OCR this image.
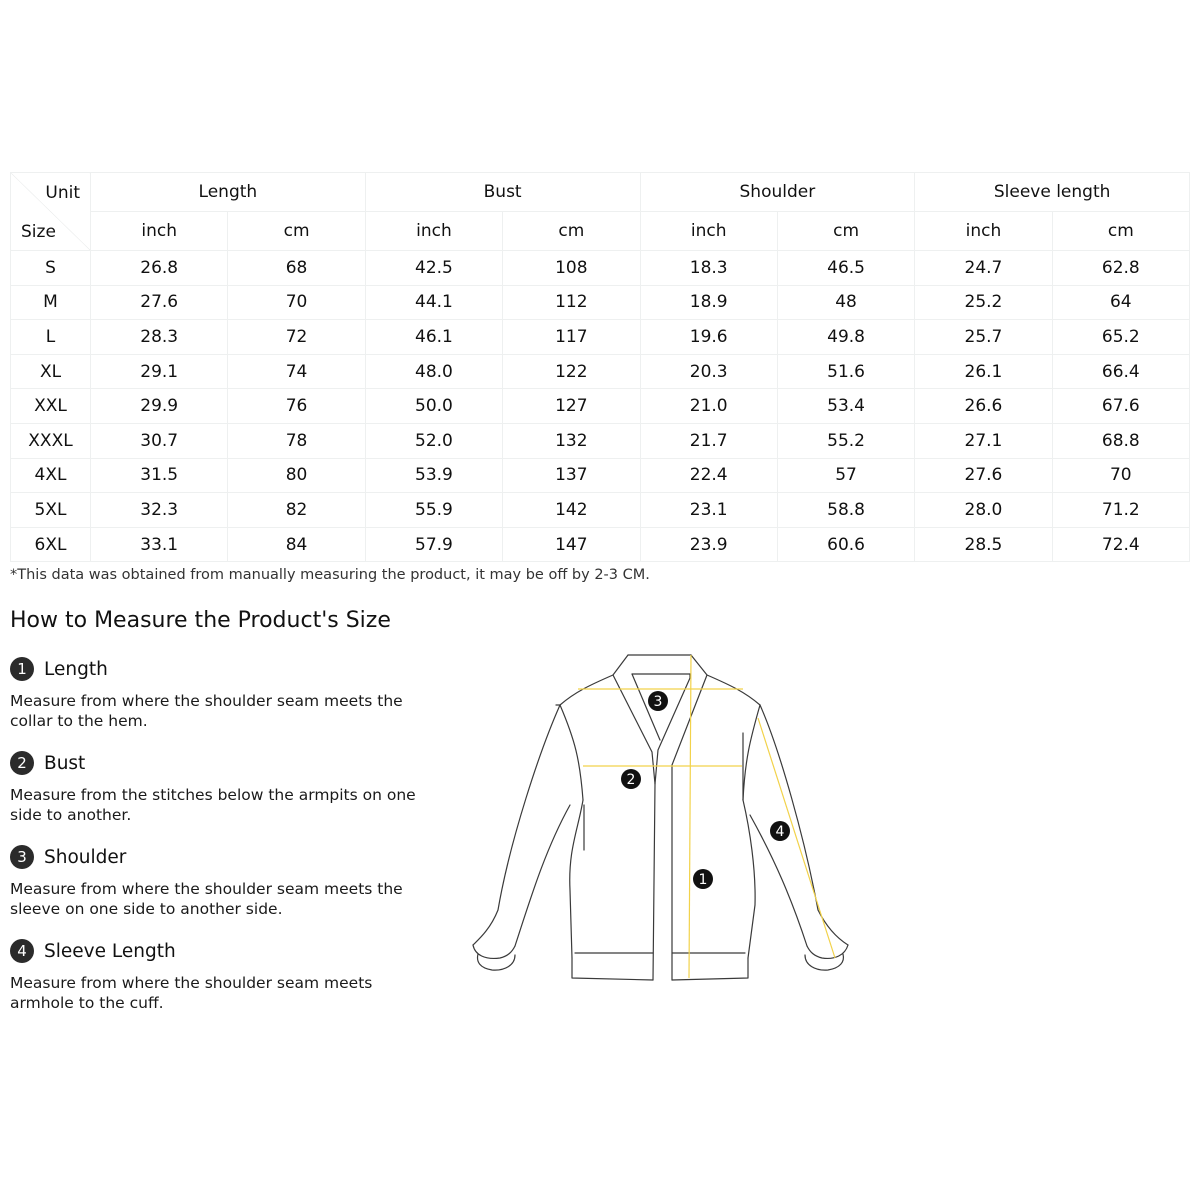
Unit
Size	Length		Bust		Shoulder		Sleeve length	
	inch	cm	inch	cm	inch	cm	inch	cm
S	26.8	68	42.5	108	18.3	46.5	24.7	62.8
M	27.6	70	44.1	112	18.9	48	25.2	64
L	28.3	72	46.1	117	19.6	49.8	25.7	65.2
XL	29.1	74	48.0	122	20.3	51.6	26.1	66.4
XXL	29.9	76	50.0	127	21.0	53.4	26.6	67.6
XXXL	30.7	78	52.0	132	21.7	55.2	27.1	68.8
4XL	31.5	80	53.9	137	22.4	57	27.6	70
5XL	32.3	82	55.9	142	23.1	58.8	28.0	71.2
6XL	33.1	84	57.9	147	23.9	60.6	28.5	72.4
*This data was obtained from manually measuring the product, it may be off by 2-3 CM.
How to Measure the Product's Size
1 Length
Measure from where the shoulder seam meets the collar to the hem.
2 Bust
Measure from the stitches below the armpits on one side to another.
3 Shoulder
Measure from where the shoulder seam meets the sleeve on one side to another side.
4 Sleeve Length
Measure from where the shoulder seam meets armhole to the cuff.
1
2
3
4
